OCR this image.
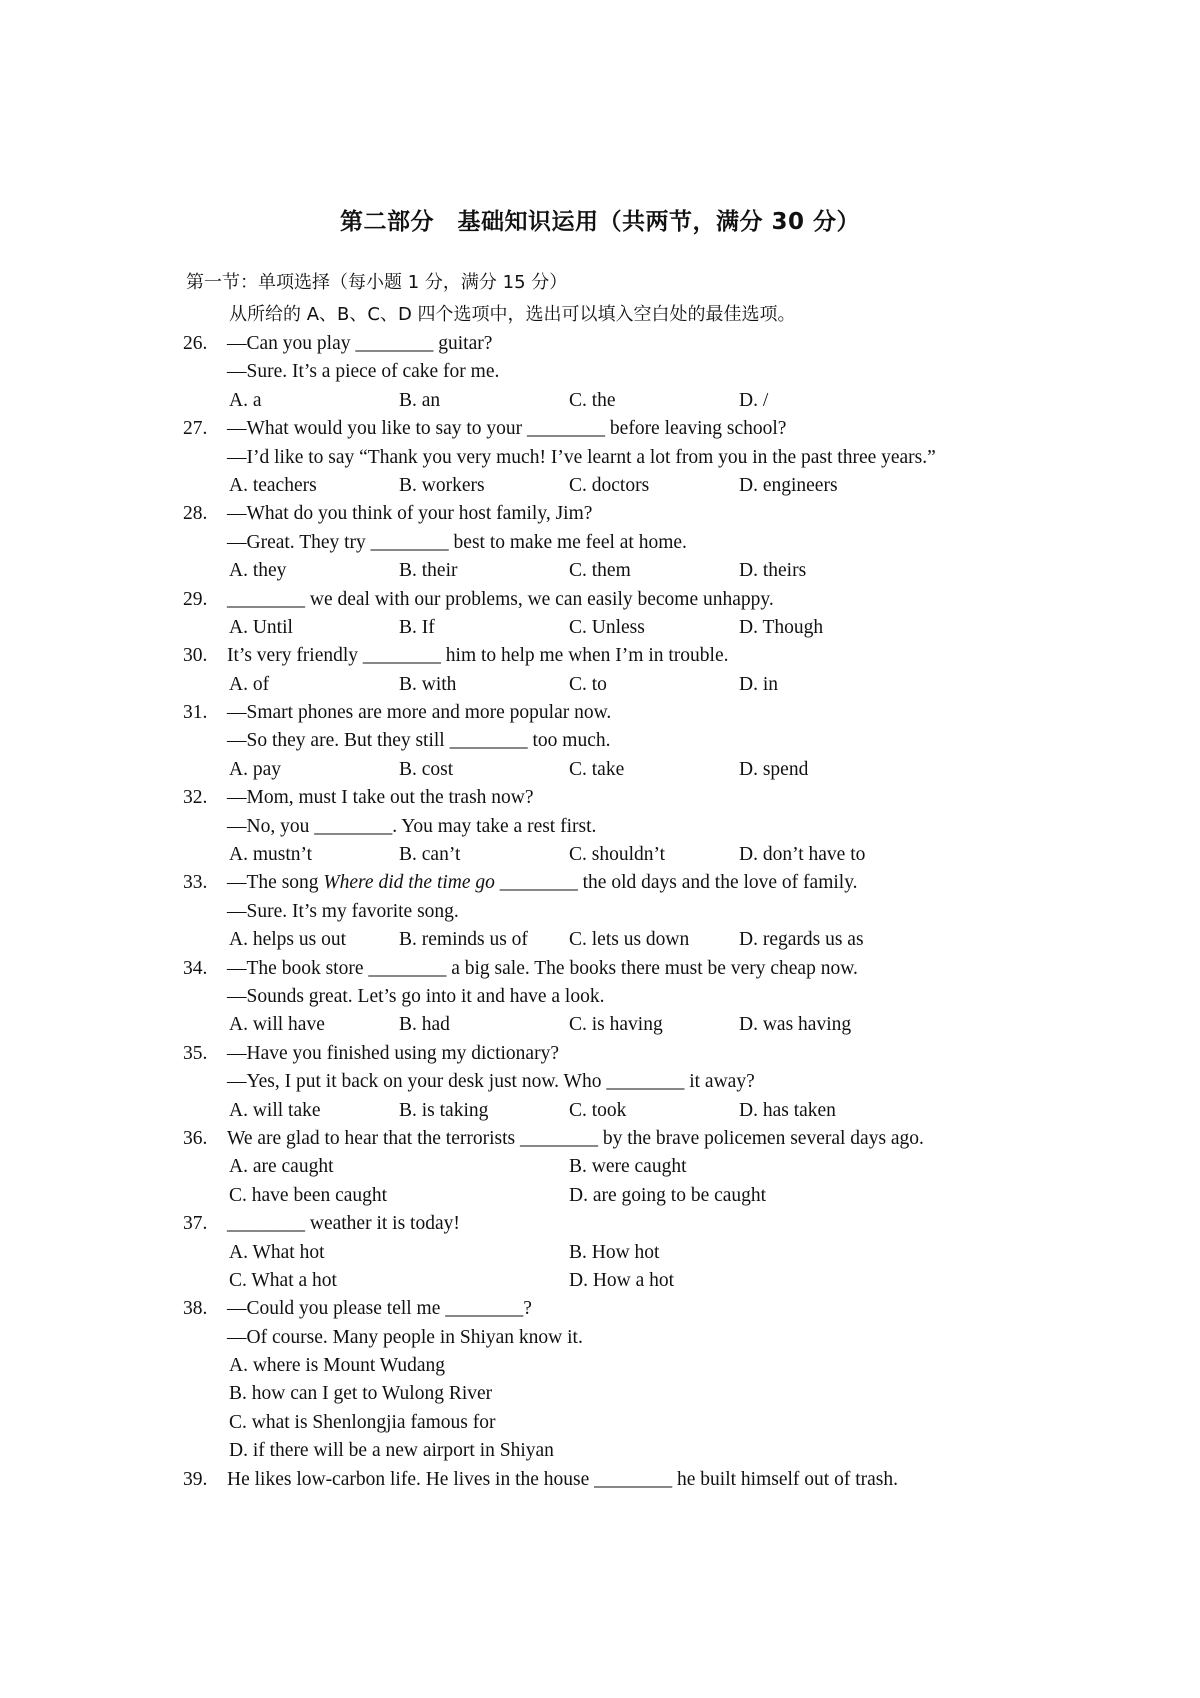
第二部分　基础知识运用（共两节，满分 30 分）
第一节：单项选择（每小题 1 分，满分 15 分）
从所给的 A、B、C、D 四个选项中，选出可以填入空白处的最佳选项。
26. —Can you play ________ guitar?
—Sure. It’s a piece of cake for me.
A. a	B. an	C. the	D. /
27. —What would you like to say to your ________ before leaving school?
—I’d like to say “Thank you very much! I’ve learnt a lot from you in the past three years.”
A. teachers	B. workers	C. doctors	D. engineers
28. —What do you think of your host family, Jim?
—Great. They try ________ best to make me feel at home.
A. they	B. their	C. them	D. theirs
29. ________ we deal with our problems, we can easily become unhappy.
A. Until	B. If	C. Unless	D. Though
30. It’s very friendly ________ him to help me when I’m in trouble.
A. of	B. with	C. to	D. in
31. —Smart phones are more and more popular now.
—So they are. But they still ________ too much.
A. pay	B. cost	C. take	D. spend
32. —Mom, must I take out the trash now?
—No, you ________. You may take a rest first.
A. mustn’t	B. can’t	C. shouldn’t	D. don’t have to
33. —The song Where did the time go ________ the old days and the love of family.
—Sure. It’s my favorite song.
A. helps us out	B. reminds us of C. lets us down	D. regards us as
34. —The book store ________ a big sale. The books there must be very cheap now.
—Sounds great. Let’s go into it and have a look.
A. will have	B. had	C. is having	D. was having
35. —Have you finished using my dictionary?
—Yes, I put it back on your desk just now. Who ________ it away?
A. will take	B. is taking	C. took	D. has taken
36. We are glad to hear that the terrorists ________ by the brave policemen several days ago.
A. are caught	B. were caught
C. have been caught	D. are going to be caught
37. ________ weather it is today!
A. What hot	B. How hot
C. What a hot	D. How a hot
38. —Could you please tell me ________?
—Of course. Many people in Shiyan know it.
A. where is Mount Wudang
B. how can I get to Wulong River
C. what is Shenlongjia famous for
D. if there will be a new airport in Shiyan
39. He likes low-carbon life. He lives in the house ________ he built himself out of trash.
